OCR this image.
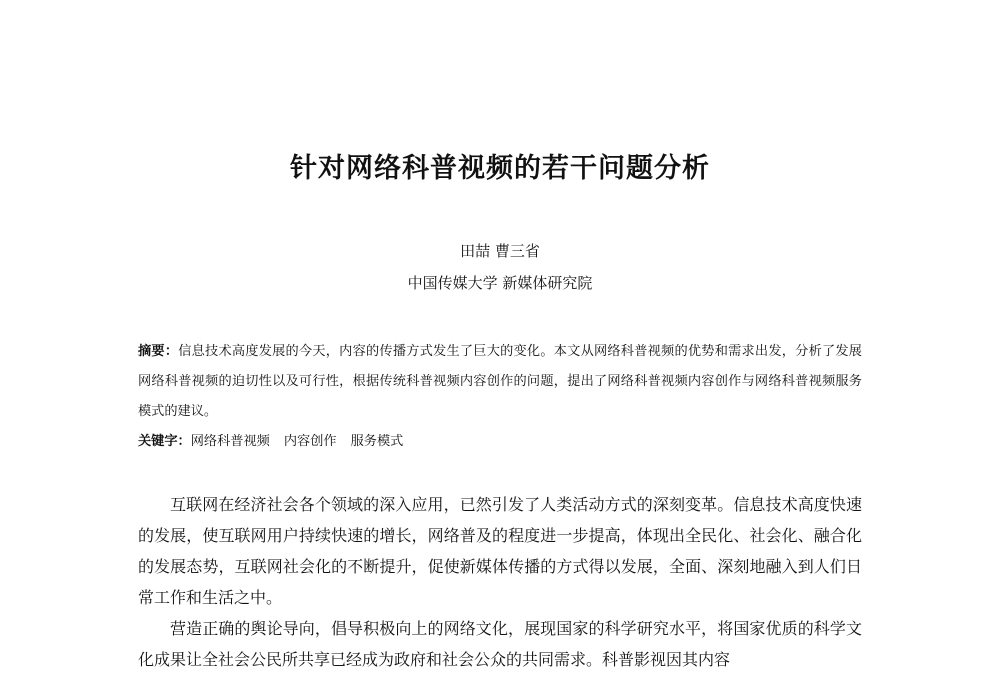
针对网络科普视频的若干问题分析

田喆 曹三省

中国传媒大学 新媒体研究院

摘要：信息技术高度发展的今天，内容的传播方式发生了巨大的变化。本文从网络科普视频的优势和需求出发，分析了发展网络科普视频的迫切性以及可行性，根据传统科普视频内容创作的问题，提出了网络科普视频内容创作与网络科普视频服务模式的建议。

关键字：网络科普视频 内容创作 服务模式

互联网在经济社会各个领域的深入应用，已然引发了人类活动方式的深刻变革。信息技术高度快速的发展，使互联网用户持续快速的增长，网络普及的程度进一步提高，体现出全民化、社会化、融合化的发展态势，互联网社会化的不断提升，促使新媒体传播的方式得以发展，全面、深刻地融入到人们日常工作和生活之中。

营造正确的舆论导向，倡导积极向上的网络文化，展现国家的科学研究水平，将国家优质的科学文化成果让全社会公民所共享已经成为政府和社会公众的共同需求。科普影视因其内容
